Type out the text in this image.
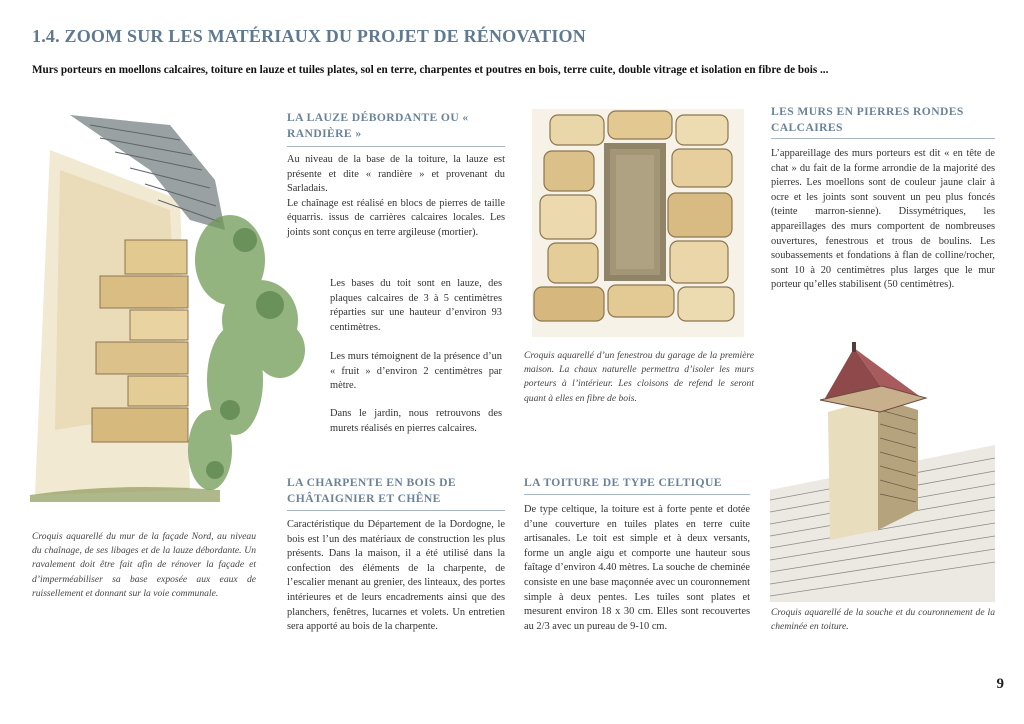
1.4. ZOOM SUR LES MATÉRIAUX DU PROJET DE RÉNOVATION

Murs porteurs en moellons calcaires, toiture en lauze et tuiles plates, sol en terre, charpentes et poutres en bois, terre cuite, double vitrage et isolation en fibre de bois ...

Croquis aquarellé du mur de la façade Nord, au niveau du chaînage, de ses libages et de la lauze débordante. Un ravalement doit être fait afin de rénover la façade et d’imperméabiliser sa base exposée aux eaux de ruissellement et donnant sur la voie communale.

LA LAUZE DÉBORDANTE OU « RANDIÈRE »

Au niveau de la base de la toiture, la lauze est présente et dite « randière » et provenant du Sarladais.
Le chaînage est réalisé en blocs de pierres de taille équarris. issus de carrières calcaires locales. Les joints sont conçus en terre argileuse (mortier).

Les bases du toit sont en lauze, des plaques calcaires de 3 à 5 centimètres réparties sur une hauteur d’environ 93 centimètres.

Les murs témoignent de la présence d’un « fruit » d’environ 2 centimètres par mètre.

Dans le jardin, nous retrouvons des murets réalisés en pierres calcaires.

LA CHARPENTE EN BOIS DE CHÂTAIGNIER ET CHÊNE

Caractéristique du Département de la Dordogne, le bois est l’un des matériaux de construction les plus présents. Dans la maison, il a été utilisé dans la confection des éléments de la charpente, de l’escalier menant au grenier, des linteaux, des portes intérieures et de leurs encadrements ainsi que des planchers, fenêtres, lucarnes et volets. Un entretien sera apporté au bois de la charpente.

Croquis aquarellé d’un fenestrou du garage de la première maison. La chaux naturelle permettra d’isoler les murs porteurs à l’intérieur. Les cloisons de refend le seront quant à elles en fibre de bois.

LA TOITURE DE TYPE CELTIQUE

De type celtique, la toiture est à forte pente et dotée d’une couverture en tuiles plates en terre cuite artisanales. Le toit est simple et à deux versants, forme un angle aigu et comporte une hauteur sous faîtage d’environ 4.40 mètres. La souche de cheminée consiste en une base maçonnée avec un couronnement simple à deux pentes. Les tuiles sont plates et mesurent environ 18 x 30 cm. Elles sont recouvertes au 2/3 avec un pureau de 9-10 cm.

LES MURS EN PIERRES RONDES CALCAIRES

L’appareillage des murs porteurs est dit « en tête de chat » du fait de la forme arrondie de la majorité des pierres. Les moellons sont de couleur jaune clair à ocre et les joints sont souvent un peu plus foncés (teinte marron-sienne). Dissymétriques, les appareillages des murs comportent de nombreuses ouvertures, fenestrous et trous de boulins. Les soubassements et fondations à flan de colline/rocher, sont 10 à 20 centimètres plus larges que le mur porteur qu’elles stabilisent (50 centimètres).

Croquis aquarellé de la souche et du couronnement de la cheminée en toiture.

9
